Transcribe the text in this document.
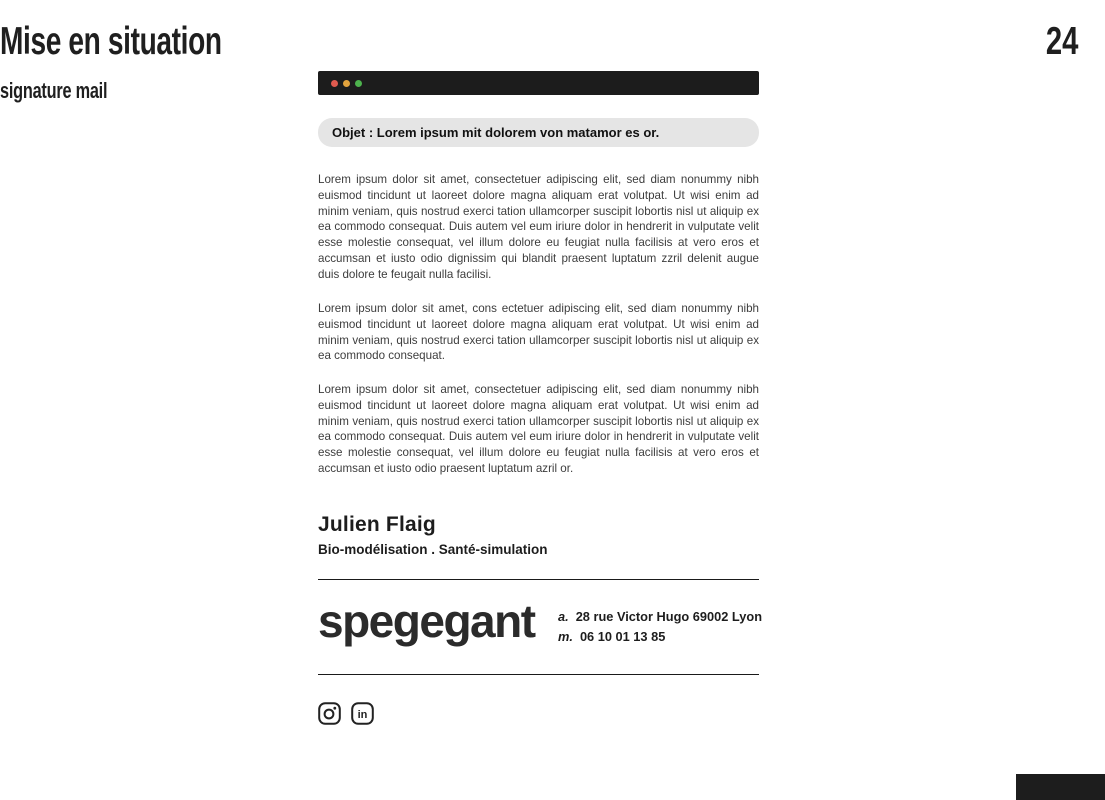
Mise en situation	24
signature mail
Objet : Lorem ipsum mit dolorem von matamor es or.

Lorem ipsum dolor sit amet, consectetuer adipiscing elit, sed diam nonummy nibh euismod tincidunt ut laoreet dolore magna aliquam erat volutpat. Ut wisi enim ad minim veniam, quis nostrud exerci tation ullamcorper suscipit lobortis nisl ut aliquip ex ea commodo consequat. Duis autem vel eum iriure dolor in hendrerit in vulputate velit esse molestie consequat, vel illum dolore eu feugiat nulla facilisis at vero eros et accumsan et iusto odio dignissim qui blandit praesent luptatum zzril delenit augue duis dolore te feugait nulla facilisi.

Lorem ipsum dolor sit amet, cons ectetuer adipiscing elit, sed diam nonummy nibh euismod tincidunt ut laoreet dolore magna aliquam erat volutpat. Ut wisi enim ad minim veniam, quis nostrud exerci tation ullamcorper suscipit lobortis nisl ut aliquip ex ea commodo consequat.

Lorem ipsum dolor sit amet, consectetuer adipiscing elit, sed diam nonummy nibh euismod tincidunt ut laoreet dolore magna aliquam erat volutpat. Ut wisi enim ad minim veniam, quis nostrud exerci tation ullamcorper suscipit lobortis nisl ut aliquip ex ea commodo consequat. Duis autem vel eum iriure dolor in hendrerit in vulputate velit esse molestie consequat, vel illum dolore eu feugiat nulla facilisis at vero eros et accumsan et iusto odio praesent luptatum azril or.

Julien Flaig
Bio-modélisation . Santé-simulation
spegegant a. 28 rue Victor Hugo 69002 Lyon
m. 06 10 01 13 85
in
